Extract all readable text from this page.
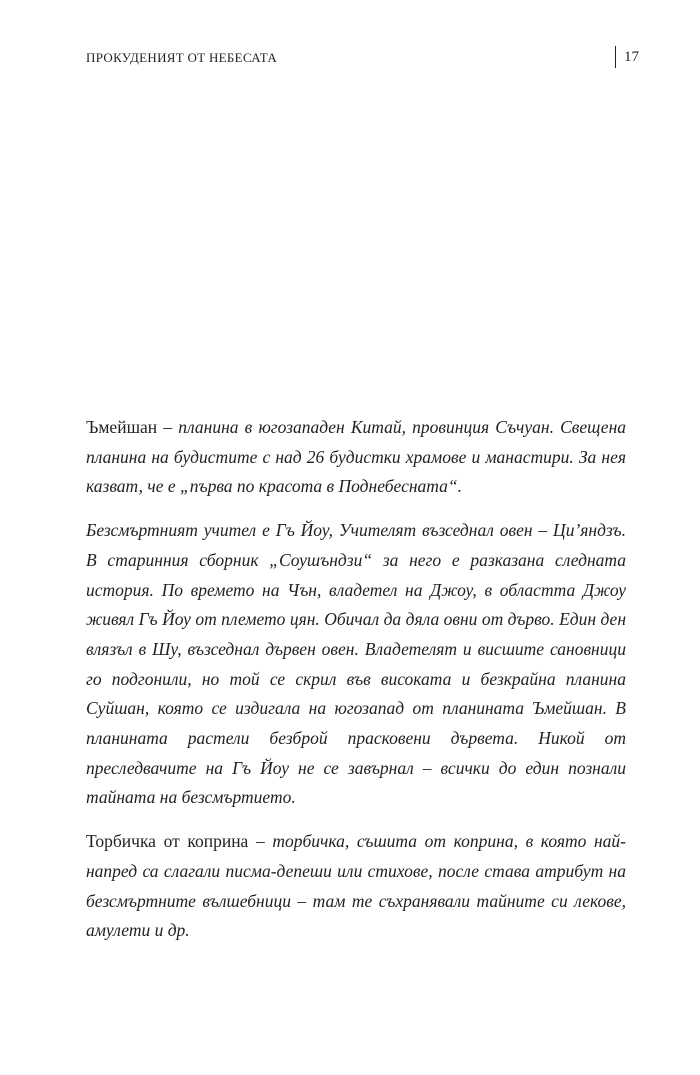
ПРОКУДЕНИЯТ ОТ НЕБЕСАТА	17

Ъмейшан – планина в югозападен Китай, провинция Съчуан. Свещена планина на будистите с над 26 будистки храмове и манастири. За нея казват, че е „първа по красота в Поднебесната“.

Безсмъртният учител е Гъ Йоу, Учителят възседнал овен – Ци’яндзъ. В старинния сборник „Соушъндзи“ за него е разказана следната история. По времето на Чън, владетел на Джоу, в областта Джоу живял Гъ Йоу от племето цян. Обичал да дяла овни от дърво. Един ден влязъл в Шу, възседнал дървен овен. Владетелят и висшите сановници го подгонили, но той се скрил във високата и безкрайна планина Суйшан, която се издигала на югозапад от планината Ъмейшан. В планината растели безброй прасковени дървета. Никой от преследвачите на Гъ Йоу не се завърнал – всички до един познали тайната на безсмъртието.

Торбичка от коприна – торбичка, съшита от коприна, в която най-напред са слагали писма-депеши или стихове, после става атрибут на безсмъртните вълшебници – там те съхранявали тайните си лекове, амулети и др.
